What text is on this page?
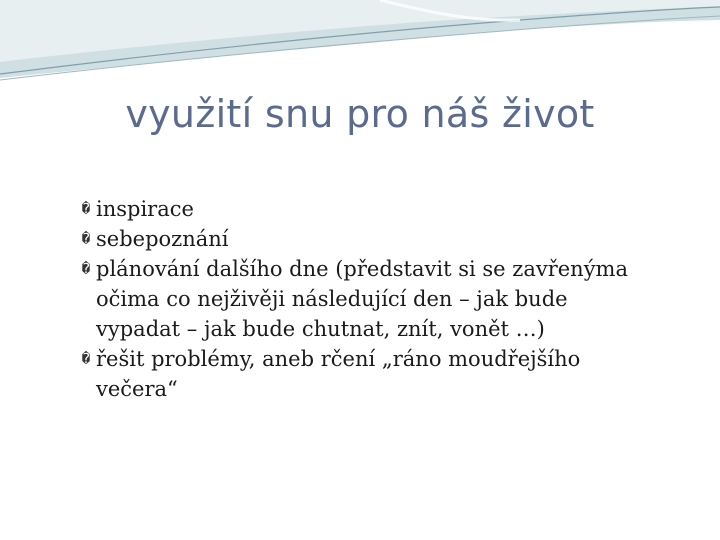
využití snu pro náš život
� inspirace
� sebepoznání
� plánování dalšího dne (představit si se zavřenýma očima co nejživěji následující den – jak bude vypadat – jak bude chutnat, znít, vonět …)
� řešit problémy, aneb rčení „ráno moudřejšího večera“
